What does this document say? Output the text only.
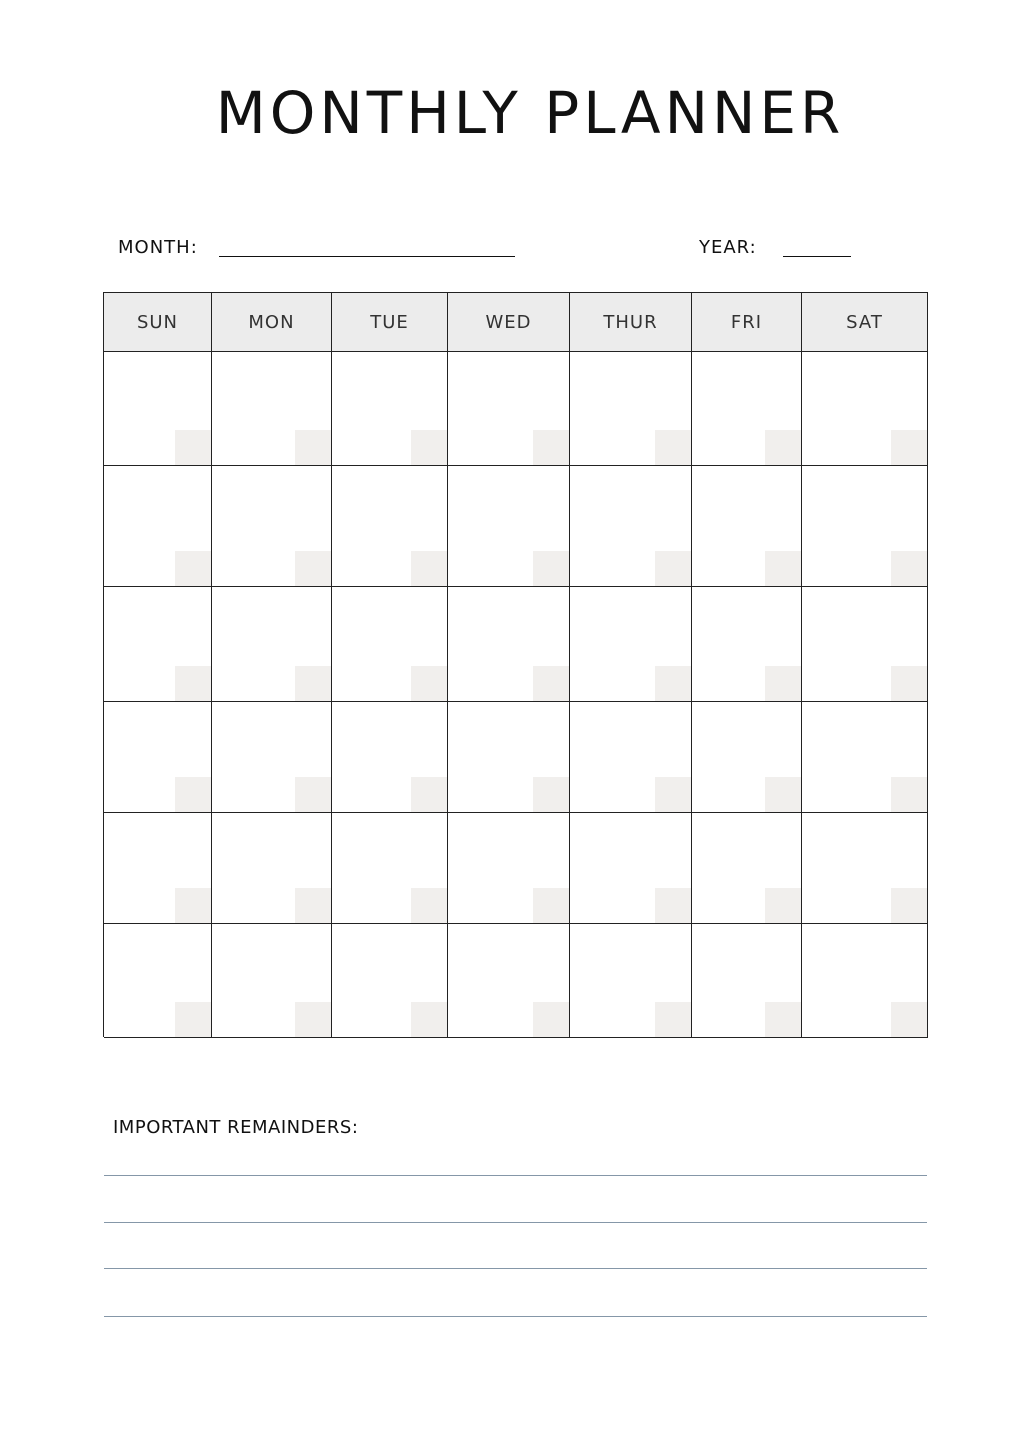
MONTHLY PLANNER
MONTH:	YEAR:
SUN	MON	TUE	WED	THUR	FRI	SAT
IMPORTANT REMAINDERS:
